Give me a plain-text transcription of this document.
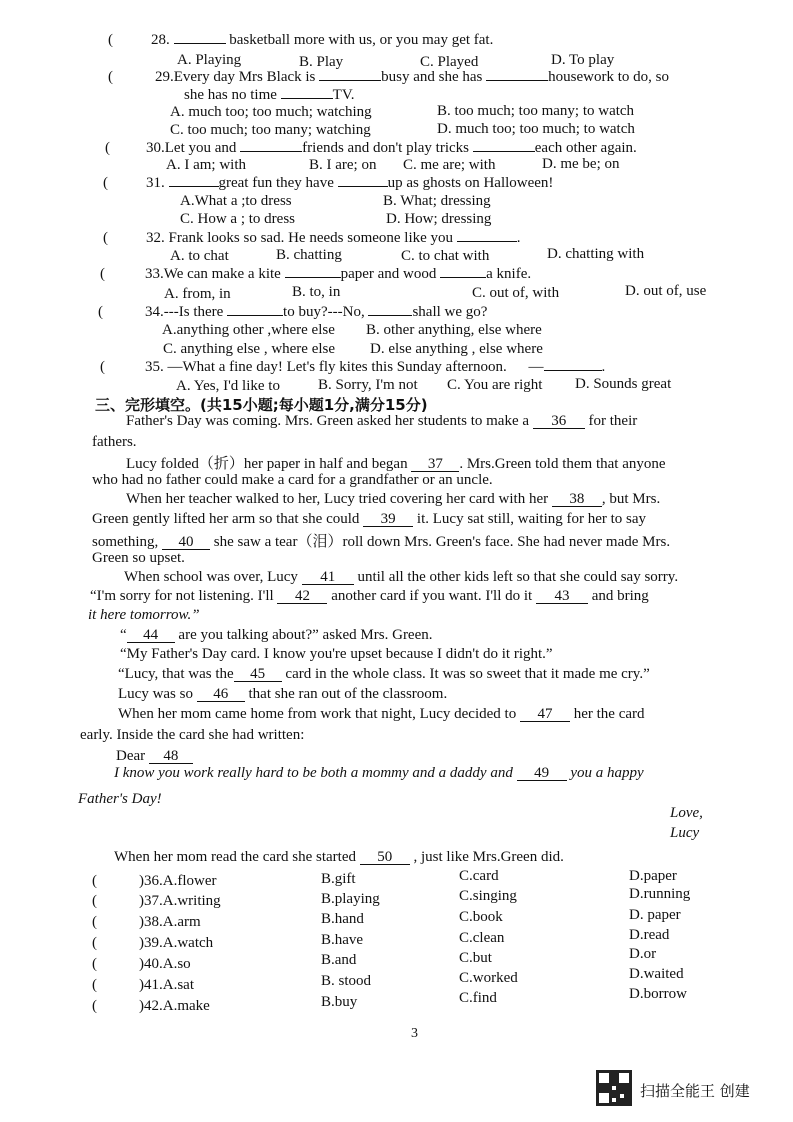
(	28.	basketball more with us, or you may get fat.
A. Playing	B. Play	C. Played	D. To play
(	29.Every day Mrs Black is	busy and she has	housework to do, so
she has no time	TV.
A. much too; too much; watching	B. too much; too many; to watch
C. too much; too many; watching	D. much too; too much; to watch
( 30.Let you and	friends and don't play tricks	each other again.
A. I am; with	B. I are; on C. me are; with	D. me be; on
(	31.	great fun they have	up as ghosts on Halloween!
A.What a ;to dress	B. What; dressing
C. How a ; to dress	D. How; dressing
(	32. Frank looks so sad. He needs someone like you	.
A. to chat	B. chatting	C. to chat with	D. chatting with
(	33.We can make a kite	paper and wood	a knife.
A. from, in	B. to, in	C. out of, with	D. out of, use
(	34.---Is there	to buy?---No,	shall we go?
A.anything other ,where else B. other anything, else where
C. anything else , where else D. else anything , else where
(	35. —What a fine day! Let's fly kites this Sunday afternoon. —	.
A. Yes, I'd like to	B. Sorry, I'm not C. You are right D. Sounds great
三、完形填空。(共15小题;每小题1分,满分15分)
Father's Day was coming. Mrs. Green asked her students to make a 36 for their
fathers.
Lucy folded（折）her paper in half and began 37 . Mrs.Green told them that anyone
who had no father could make a card for a grandfather or an uncle.
When her teacher walked to her, Lucy tried covering her card with her 38 , but Mrs.
Green gently lifted her arm so that she could 39 it. Lucy sat still, waiting for her to say
something, 40 she saw a tear（泪）roll down Mrs. Green's face. She had never made Mrs.
Green so upset.
When school was over, Lucy 41 until all the other kids left so that she could say sorry.
“I'm sorry for not listening. I'll 42 another card if you want. I'll do it 43 and bring
it here tomorrow.”
“ 44 are you talking about?” asked Mrs. Green.
“My Father's Day card. I know you're upset because I didn't do it right.”
“Lucy, that was the 45 card in the whole class. It was so sweet that it made me cry.”
Lucy was so 46 that she ran out of the classroom.
When her mom came home from work that night, Lucy decided to 47 her the card
early. Inside the card she had written:
Dear 48
I know you work really hard to be both a mommy and a daddy and 49 you a happy
Father's Day!
Love,
Lucy
When her mom read the card she started 50 , just like Mrs.Green did.
(	)36.A.flower	B.gift	C.card	D.paper
(	)37.A.writing	B.playing	C.singing	D.running
(	)38.A.arm	B.hand	C.book	D. paper
(	)39.A.watch	B.have	C.clean	D.read
(	)40.A.so	B.and	C.but	D.or
(	)41.A.sat	B. stood	C.worked	D.waited
(	)42.A.make	B.buy	C.find	D.borrow
3
扫描全能王 创建
